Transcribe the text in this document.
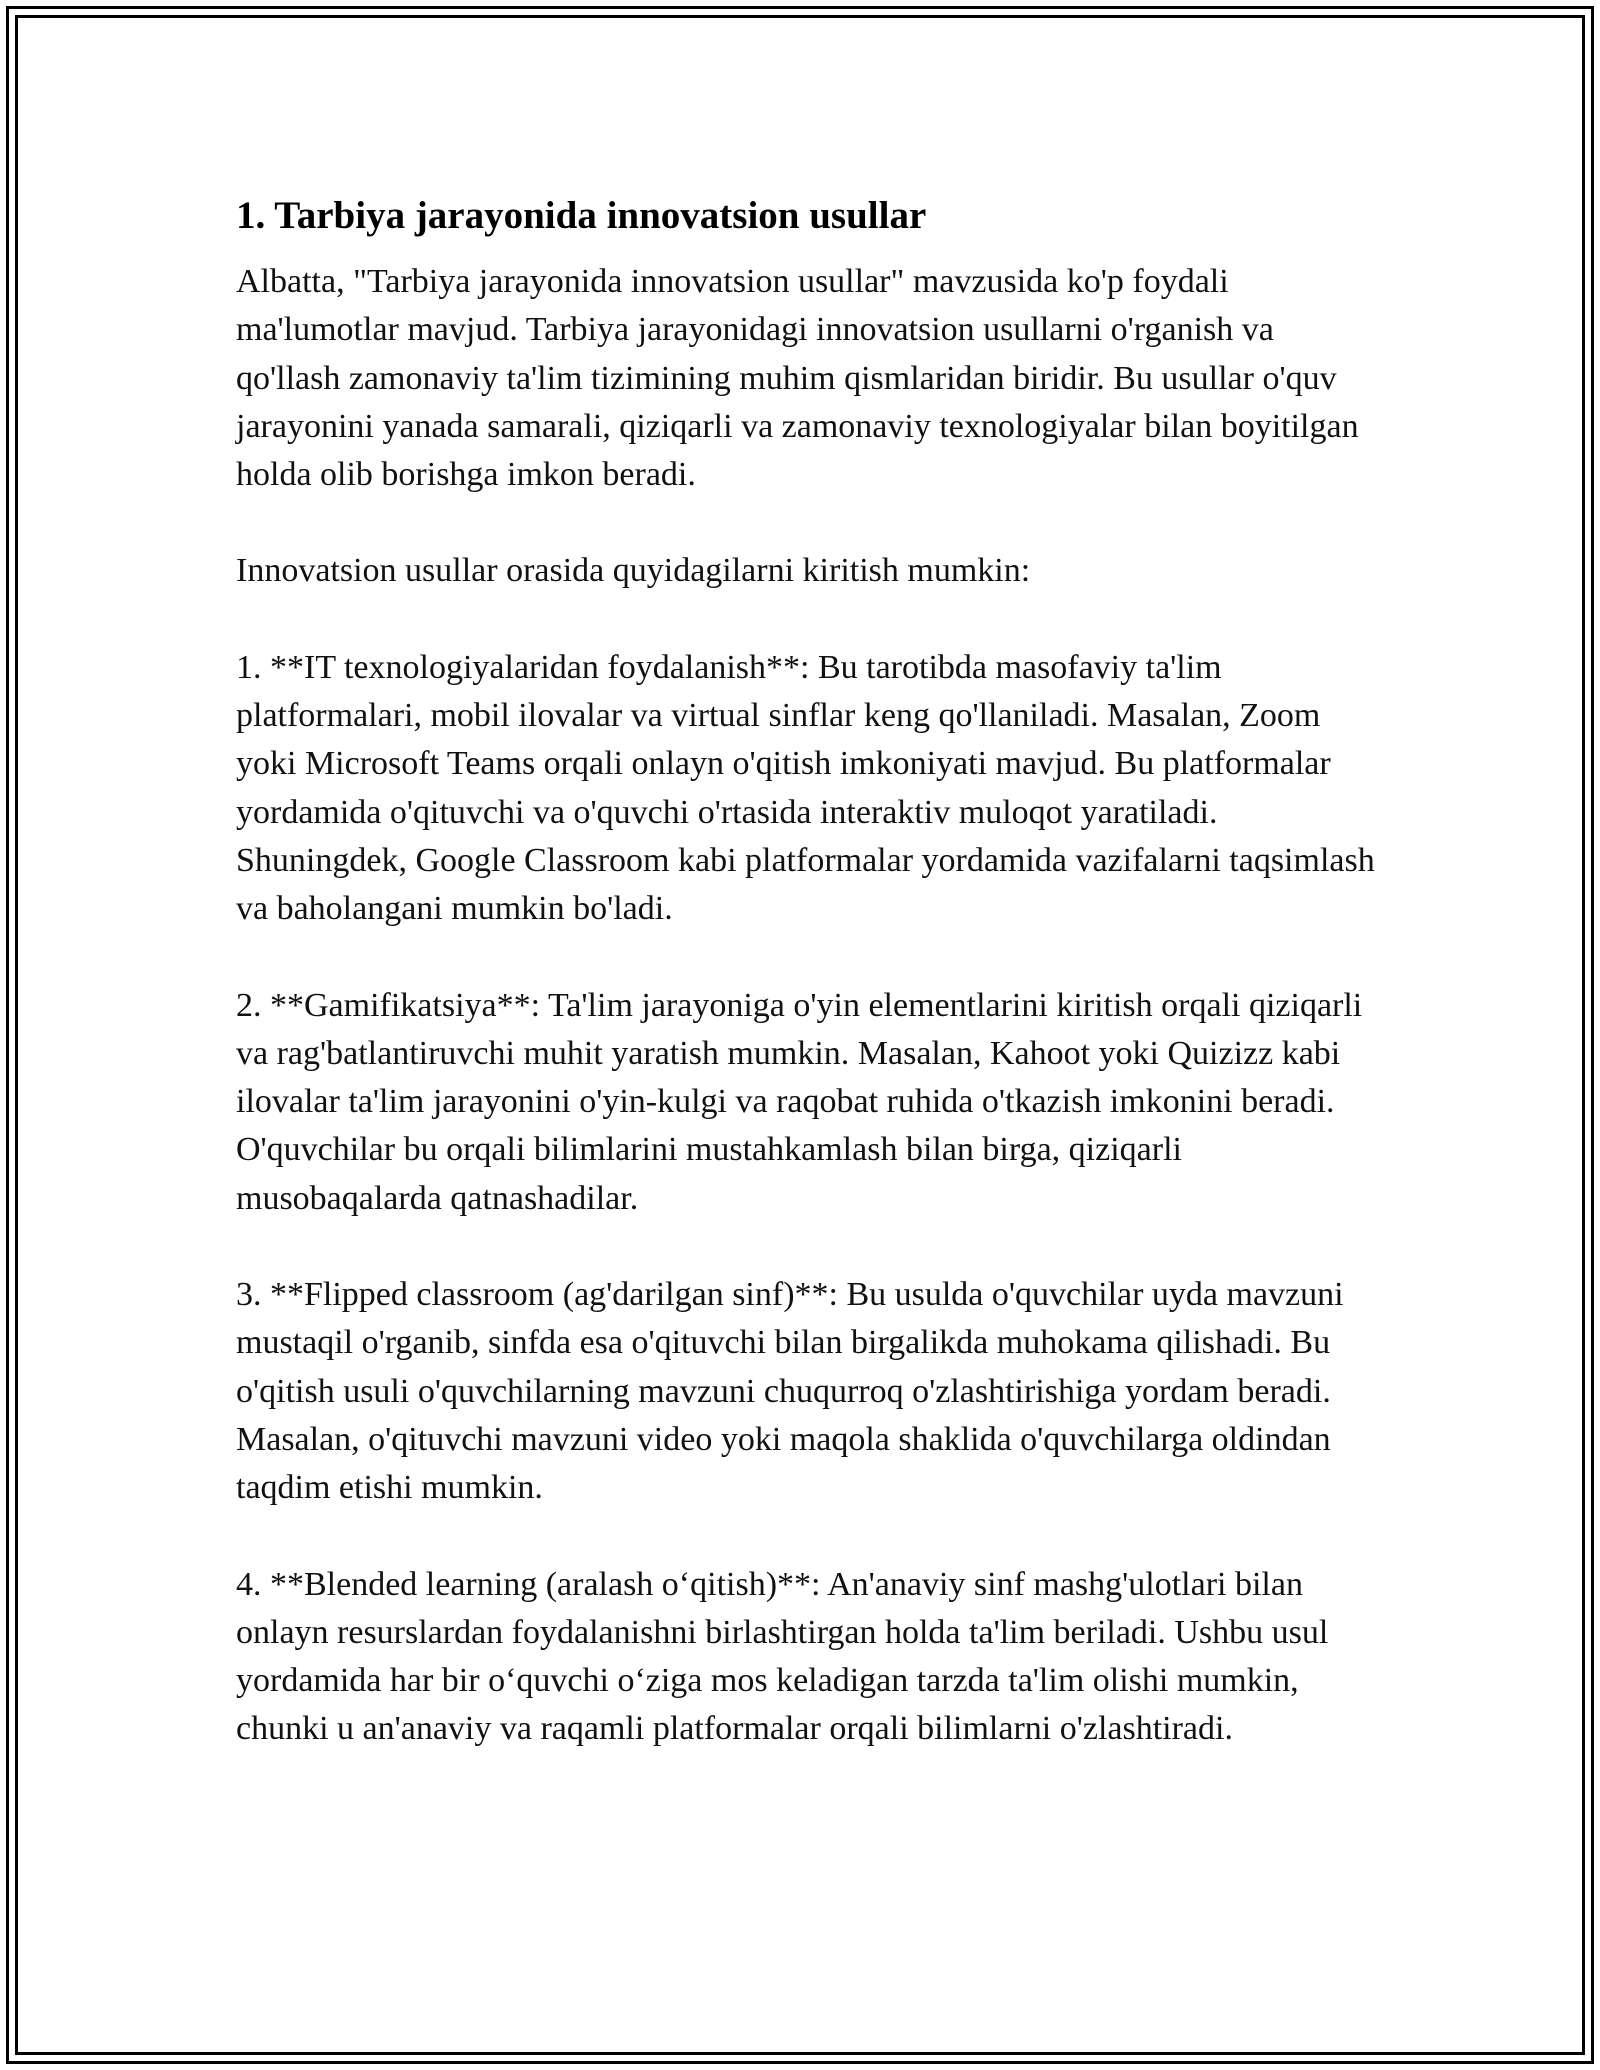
1. Tarbiya jarayonida innovatsion usullar

Albatta, "Tarbiya jarayonida innovatsion usullar" mavzusida ko'p foydali ma'lumotlar mavjud. Tarbiya jarayonidagi innovatsion usullarni o'rganish va qo'llash zamonaviy ta'lim tizimining muhim qismlaridan biridir. Bu usullar o'quv jarayonini yanada samarali, qiziqarli va zamonaviy texnologiyalar bilan boyitilgan holda olib borishga imkon beradi.

Innovatsion usullar orasida quyidagilarni kiritish mumkin:

1. **IT texnologiyalaridan foydalanish**: Bu tarotibda masofaviy ta'lim platformalari, mobil ilovalar va virtual sinflar keng qo'llaniladi. Masalan, Zoom yoki Microsoft Teams orqali onlayn o'qitish imkoniyati mavjud. Bu platformalar yordamida o'qituvchi va o'quvchi o'rtasida interaktiv muloqot yaratiladi. Shuningdek, Google Classroom kabi platformalar yordamida vazifalarni taqsimlash va baholangani mumkin bo'ladi.

2. **Gamifikatsiya**: Ta'lim jarayoniga o'yin elementlarini kiritish orqali qiziqarli va rag'batlantiruvchi muhit yaratish mumkin. Masalan, Kahoot yoki Quizizz kabi ilovalar ta'lim jarayonini o'yin-kulgi va raqobat ruhida o'tkazish imkonini beradi. O'quvchilar bu orqali bilimlarini mustahkamlash bilan birga, qiziqarli musobaqalarda qatnashadilar.

3. **Flipped classroom (ag'darilgan sinf)**: Bu usulda o'quvchilar uyda mavzuni mustaqil o'rganib, sinfda esa o'qituvchi bilan birgalikda muhokama qilishadi. Bu o'qitish usuli o'quvchilarning mavzuni chuqurroq o'zlashtirishiga yordam beradi. Masalan, o'qituvchi mavzuni video yoki maqola shaklida o'quvchilarga oldindan taqdim etishi mumkin.

4. **Blended learning (aralash o‘qitish)**: An'anaviy sinf mashg'ulotlari bilan onlayn resurslardan foydalanishni birlashtirgan holda ta'lim beriladi. Ushbu usul yordamida har bir o‘quvchi o‘ziga mos keladigan tarzda ta'lim olishi mumkin, chunki u an'anaviy va raqamli platformalar orqali bilimlarni o'zlashtiradi.
